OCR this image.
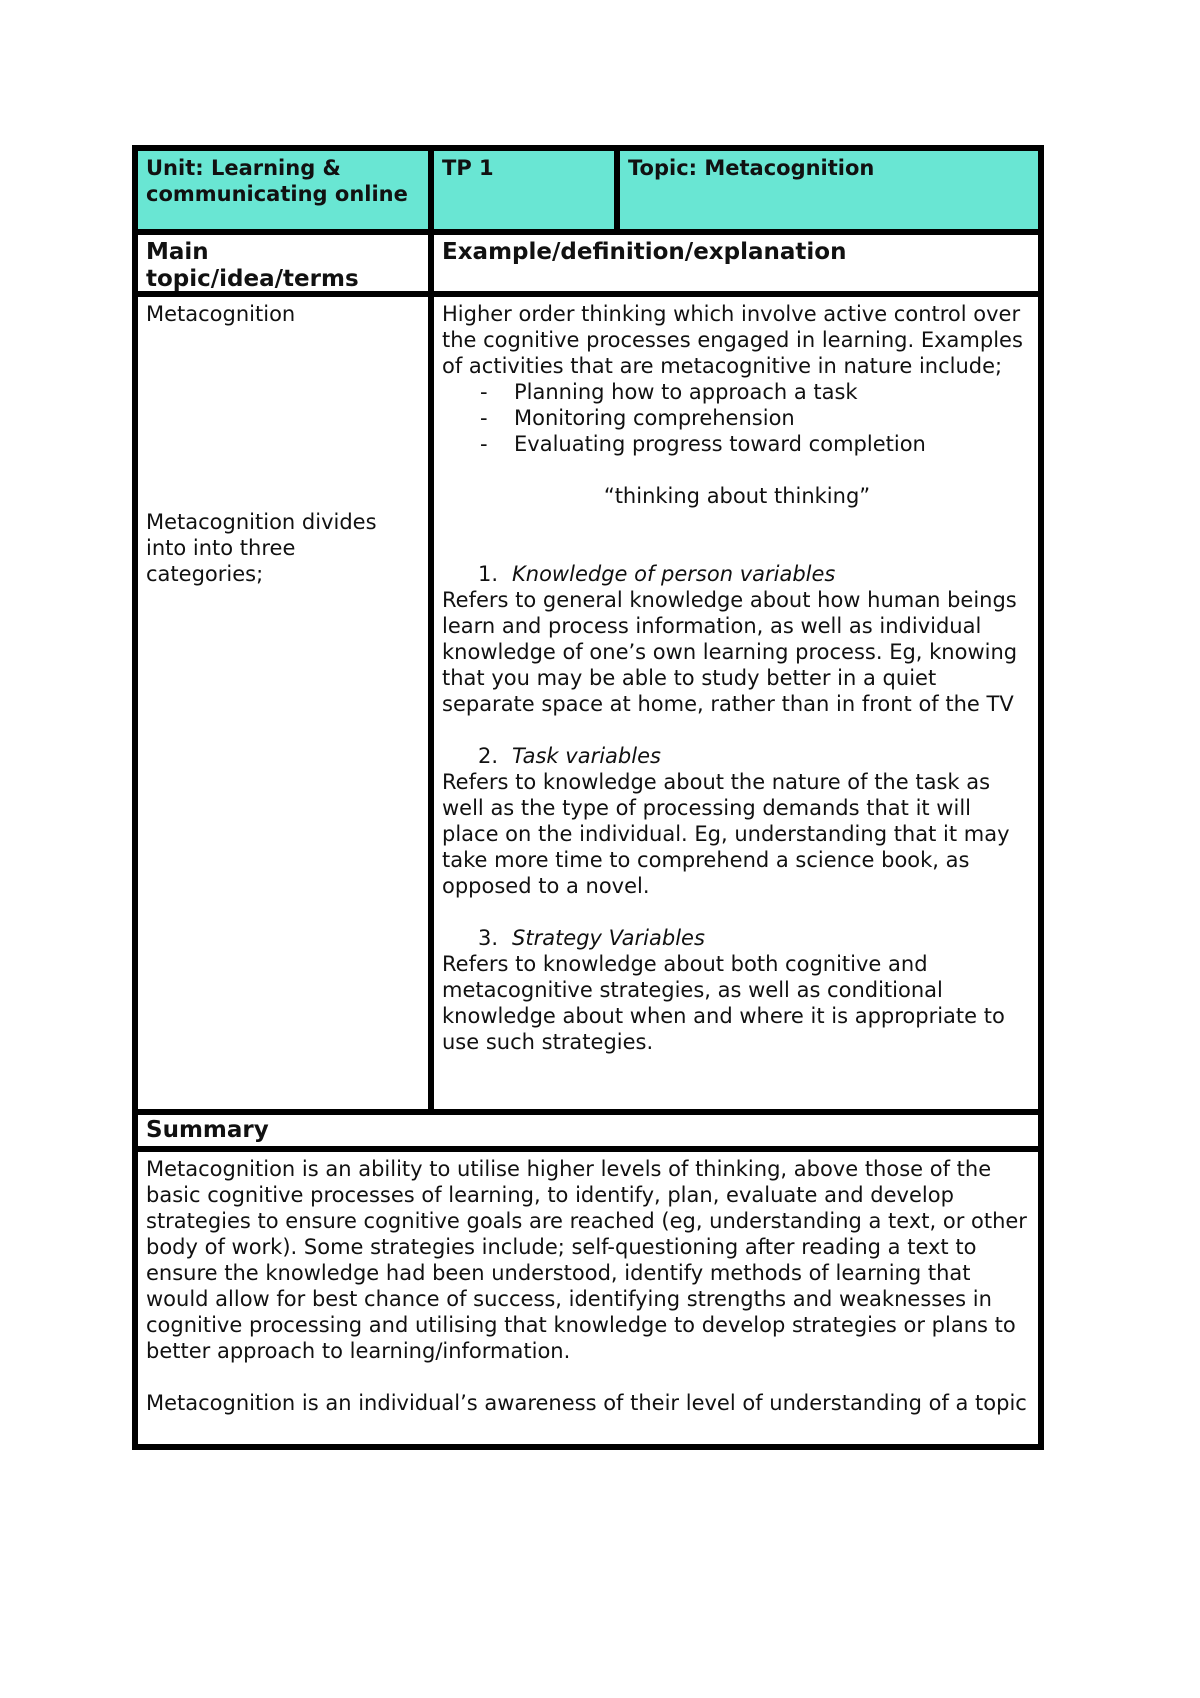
Unit: Learning & communicating online
TP 1	Topic: Metacognition
Main topic/idea/terms
Example/definition/explanation
Metacognition
Metacognition divides into into three categories;
Higher order thinking which involve active control over the cognitive processes engaged in learning. Examples of activities that are metacognitive in nature include;
- Planning how to approach a task
- Monitoring comprehension
- Evaluating progress toward completion
“thinking about thinking”
1. Knowledge of person variables
Refers to general knowledge about how human beings learn and process information, as well as individual knowledge of one’s own learning process. Eg, knowing that you may be able to study better in a quiet separate space at home, rather than in front of the TV
2. Task variables
Refers to knowledge about the nature of the task as well as the type of processing demands that it will place on the individual. Eg, understanding that it may take more time to comprehend a science book, as opposed to a novel.
3. Strategy Variables
Refers to knowledge about both cognitive and metacognitive strategies, as well as conditional knowledge about when and where it is appropriate to use such strategies.
Summary
Metacognition is an ability to utilise higher levels of thinking, above those of the basic cognitive processes of learning, to identify, plan, evaluate and develop strategies to ensure cognitive goals are reached (eg, understanding a text, or other body of work). Some strategies include; self-questioning after reading a text to ensure the knowledge had been understood, identify methods of learning that would allow for best chance of success, identifying strengths and weaknesses in cognitive processing and utilising that knowledge to develop strategies or plans to better approach to learning/information.
Metacognition is an individual’s awareness of their level of understanding of a topic
